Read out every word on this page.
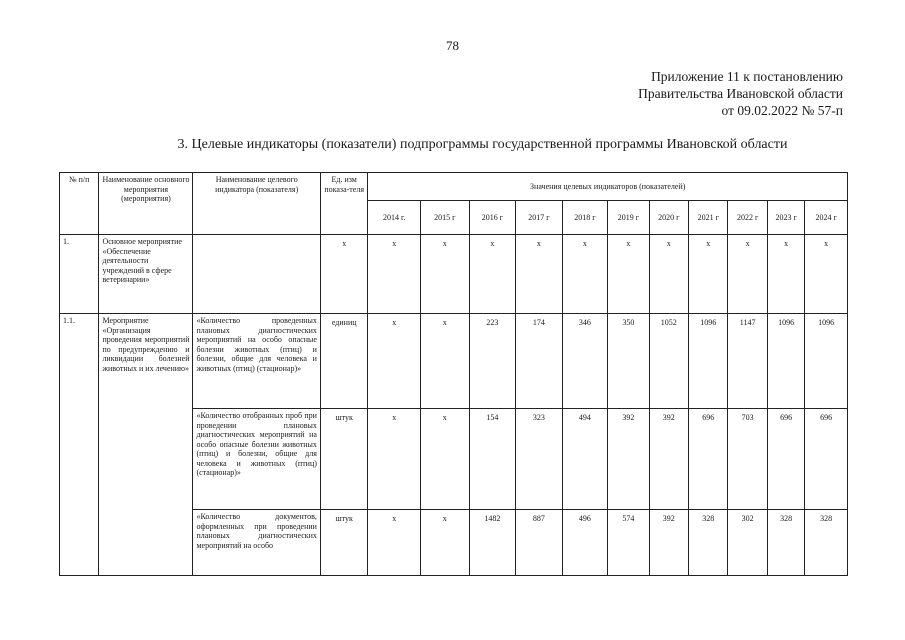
78
Приложение 11 к постановлению
Правительства Ивановской области
от 09.02.2022 № 57-п
3. Целевые индикаторы (показатели) подпрограммы государственной программы Ивановской области
№ п/п	Наименование основного мероприятия (мероприятия)	Наименование целевого индикатора (показателя)	Ед. изм показа-теля	Значения целевых индикаторов (показателей)										
				2014 г.	2015 г	2016 г	2017 г	2018 г	2019 г	2020 г	2021 г	2022 г	2023 г	2024 г
1.	Основное мероприятие «Обеспечение деятельности учреждений в сфере ветеринарии»		х	х	х	х	х	х	х	х	х	х	х	х
1.1.	Мероприятие «Организация проведения мероприятий по предупреждению и ликвидации болезней животных и их лечению»	«Количество проведенных плановых диагностических мероприятий на особо опасные болезни животных (птиц) и болезни, общие для человека и животных (птиц) (стационар)»	единиц	х	х	223	174	346	350	1052	1096	1147	1096	1096
		«Количество отобранных проб при проведении плановых диагностических мероприятий на особо опасные болезни животных (птиц) и болезни, общие для человека и животных (птиц) (стационар)»	штук	х	х	154	323	494	392	392	696	703	696	696
		«Количество документов, оформленных при проведении плановых диагностических мероприятий на особо	штук	х	х	1482	887	496	574	392	328	302	328	328
